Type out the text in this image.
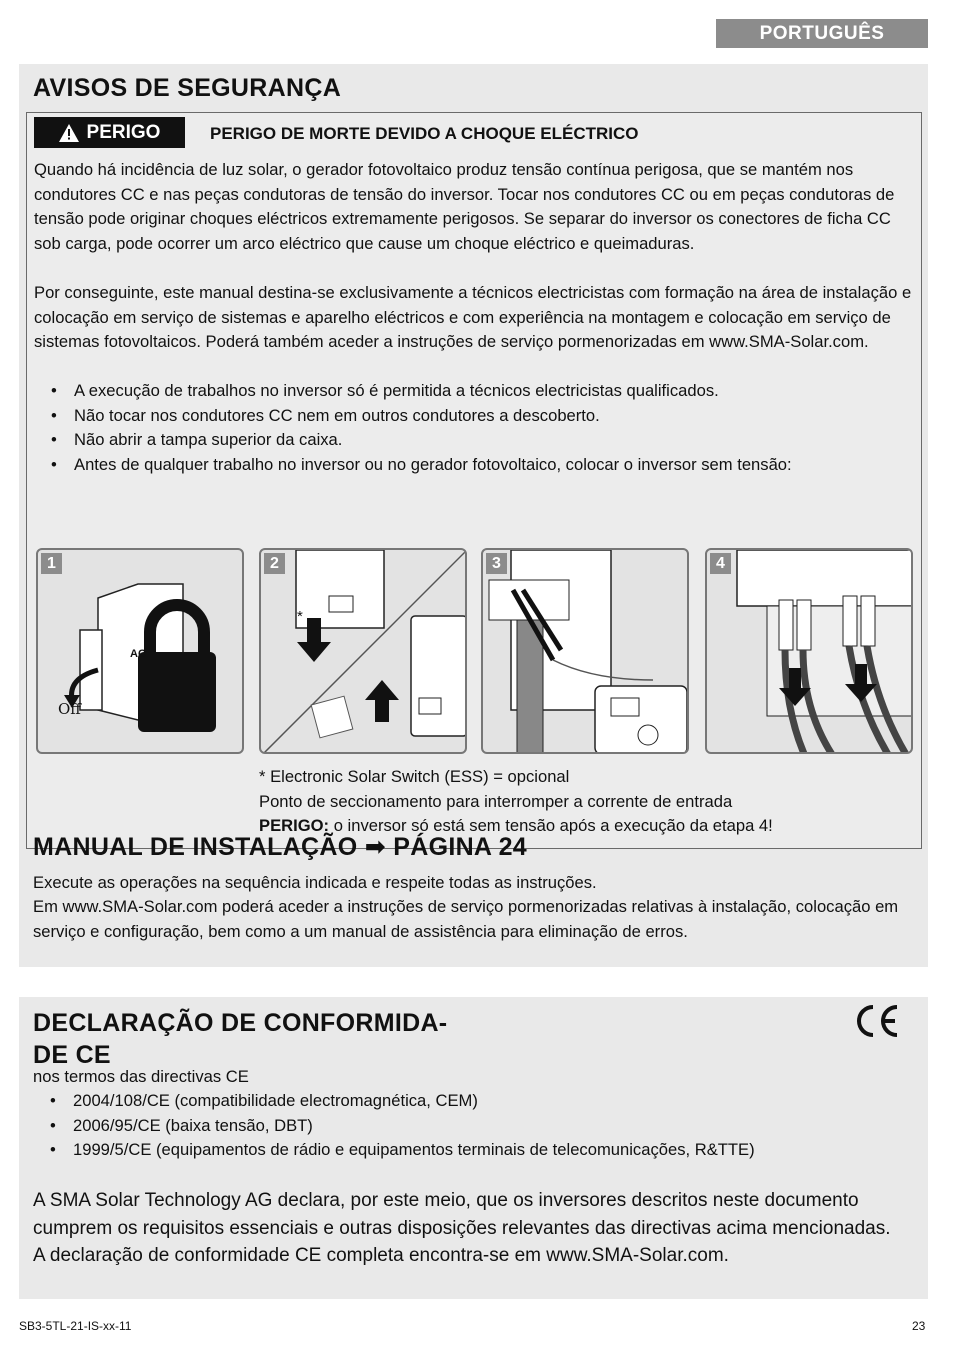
PORTUGUÊS
AVISOS DE SEGURANÇA
PERIGO	PERIGO DE MORTE DEVIDO A CHOQUE ELÉCTRICO

Quando há incidência de luz solar, o gerador fotovoltaico produz tensão contínua perigosa, que se mantém nos condutores CC e nas peças condutoras de tensão do inversor. Tocar nos condutores CC ou em peças condutoras de tensão pode originar choques eléctricos extremamente perigosos. Se separar do inversor os conectores de ficha CC sob carga, pode ocorrer um arco eléctrico que cause um choque eléctrico e queimaduras.

Por conseguinte, este manual destina-se exclusivamente a técnicos electricistas com formação na área de instalação e colocação em serviço de sistemas e aparelho eléctricos e com experiência na montagem e colocação em serviço de sistemas fotovoltaicos. Poderá também aceder a instruções de serviço pormenorizadas em www.SMA-Solar.com.

• A execução de trabalhos no inversor só é permitida a técnicos electricistas qualificados.
• Não tocar nos condutores CC nem em outros condutores a descoberto.
• Não abrir a tampa superior da caixa.
• Antes de qualquer trabalho no inversor ou no gerador fotovoltaico, colocar o inversor sem tensão:
1
AC
Off
2
*
3	4
* Electronic Solar Switch (ESS) = opcional
Ponto de seccionamento para interromper a corrente de entrada
PERIGO: o inversor só está sem tensão após a execução da etapa 4!
MANUAL DE INSTALAÇÃO ➡ PÁGINA 24

Execute as operações na sequência indicada e respeite todas as instruções.

Em www.SMA-Solar.com poderá aceder a instruções de serviço pormenorizadas relativas à instalação, colocação em serviço e configuração, bem como a um manual de assistência para eliminação de erros.

DECLARAÇÃO DE CONFORMIDA-
DE CE

nos termos das directivas CE

• 2004/108/CE (compatibilidade electromagnética, CEM)
• 2006/95/CE (baixa tensão, DBT)
• 1999/5/CE (equipamentos de rádio e equipamentos terminais de telecomunicações, R&TTE)

A SMA Solar Technology AG declara, por este meio, que os inversores descritos neste documento cumprem os requisitos essenciais e outras disposições relevantes das directivas acima mencionadas. A declaração de conformidade CE completa encontra-se em www.SMA-Solar.com.

SB3-5TL-21-IS-xx-11	23
